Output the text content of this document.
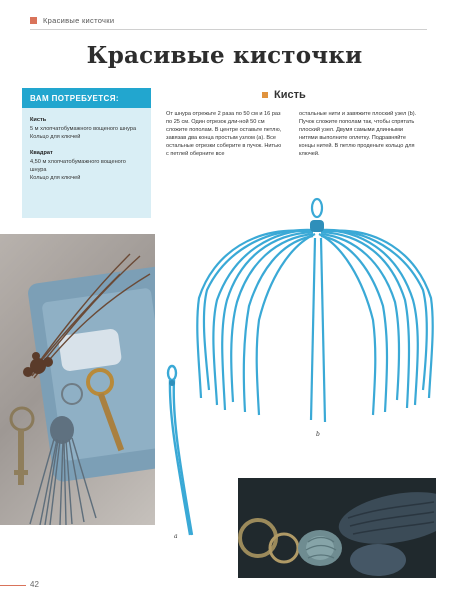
Красивые кисточки
Красивые кисточки
ВАМ ПОТРЕБУЕТСЯ:
Кисть
5 м хлопчатобумажного вощеного шнура
Кольцо для ключей
Квадрат
4,50 м хлопчатобумажного вощеного шнура
Кольцо для ключей
Кисть
От шнура отрежьте 2 раза по 50 см и 16 раз по 25 см. Один отрезок дли-ной 50 см сложите пополам. В центре оставьте петлю, завязав два конца простым узлом (a). Все остальные отрезки соберите в пучок. Нитью с петлей оберните все
остальные нити и завяжите плоский узел (b). Пучок сложите пополам так, чтобы спрятать плоский узел. Двумя самыми длинными нитями выполните оплетку. Подравняйте концы нитей. В петлю проденьте кольцо для ключей.
a
b
42
